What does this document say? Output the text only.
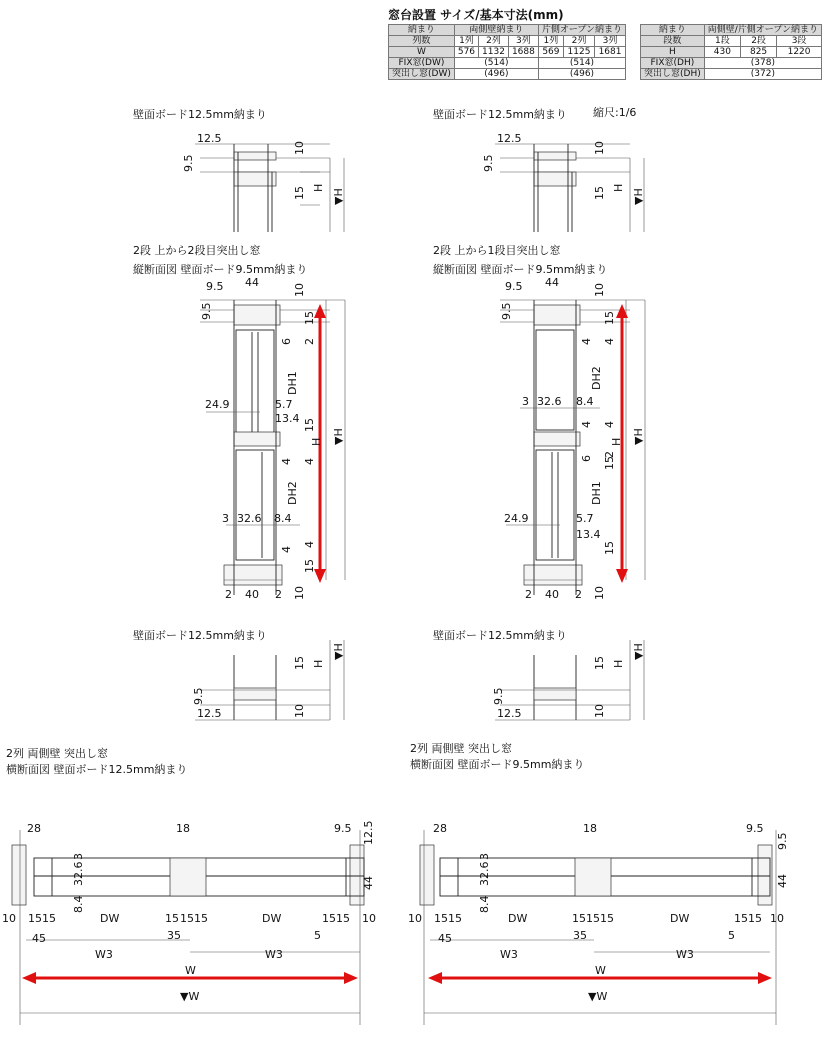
窓台設置 サイズ/基本寸法(mm)
納まり	両側壁納まり			片側オープン納まり		
列数	1列	2列	3列	1列	2列	3列
W	576	1132	1688	569	1125	1681
FIX窓(DW)	(514)			(514)		
突出し窓(DW)	(496)			(496)		
納まり	両側壁/片側オープン納まり		
段数	1段	2段	3段
H	430	825	1220
FIX窓(DH)	(378)		
突出し窓(DH)	(372)		
壁面ボード12.5mm納まり	壁面ボード12.5mm納まり 縮尺:1/6
2段 上から2段目突出し窓
縦断面図 壁面ボード9.5mm納まり
2段 上から1段目突出し窓
縦断面図 壁面ボード9.5mm納まり
壁面ボード12.5mm納まり	壁面ボード12.5mm納まり
2列 両側壁 突出し窓
横断面図 壁面ボード12.5mm納まり
2列 両側壁 突出し窓
横断面図 壁面ボード9.5mm納まり
12.5
9.5
10
15 H
▼H
12.5
9.5
10
15 H
▼H
9.5 44
10
9.5	15
6 2
DH1
24.9	5.7
13.4 15
H
4 4
▼H
DH2
3 32.6 8.4
4
4
15
10
2 40 2
9.5 44
10
9.5	15
4 4
DH2
3 32.6 8.4
4 4
H ▼H
6
2
15
DH1
24.9	5.7
13.4
15
10
2 40 2
15 H
▼H
9.5
10
12.5
15 H
▼H
9.5
10
12.5
28	18	9.5 12.5
3
32.6	44
8.4
10 15 15	DW	15 15 15	DW	15 15 10
45	35	5
W3	W3
W
▼W
28	18	9.5
9.5
3
32.6	44
8.4
10 15 15	DW	15 15 15	DW	15 15 10
45	35	5
W3	W3
W
▼W
